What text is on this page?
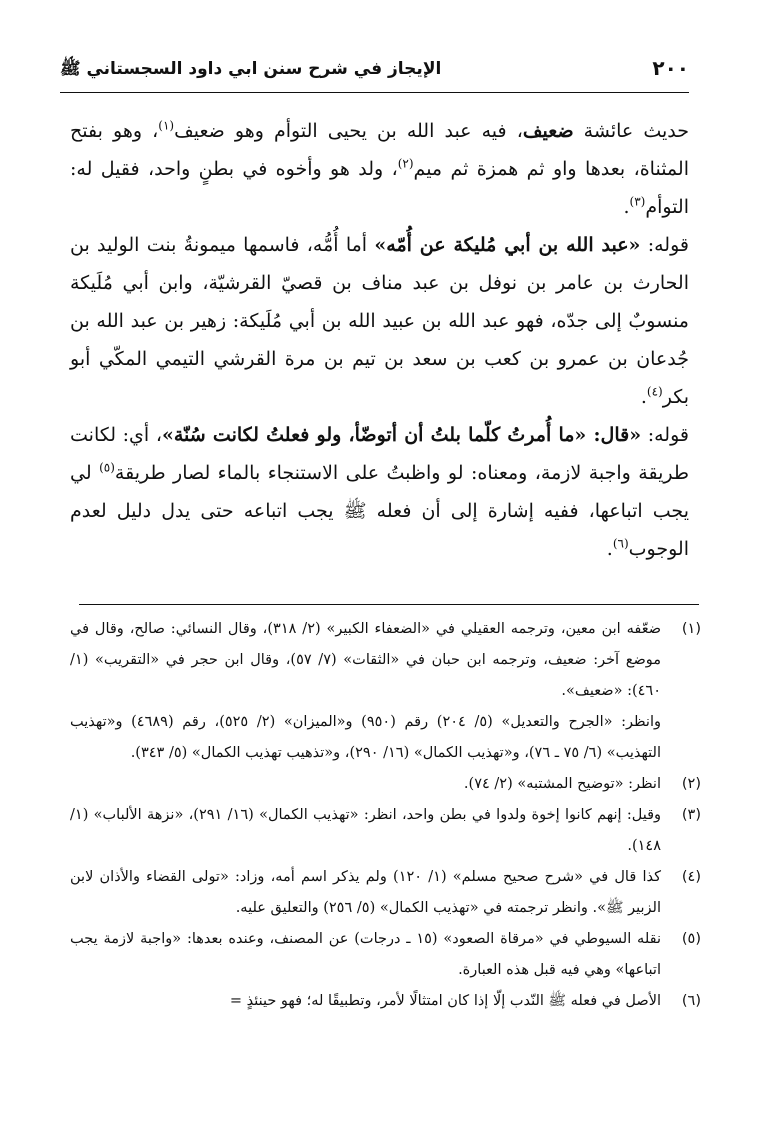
٢٠٠
الإيجاز في شرح سنن ابي داود السجستاني ﷺ

حديث عائشة ضعيف، فيه عبد الله بن يحيى التوأم وهو ضعيف$^{(١)}$، وهو بفتح المثناة، بعدها واو ثم همزة ثم ميم$^{(٢)}$، ولد هو وأخوه في بطنٍ واحد، فقيل له: التوأم$^{(٣)}$.

قوله: «عبد الله بن أبي مُليكة عن أُمّه» أما أُمُّه، فاسمها ميمونةُ بنت الوليد بن الحارث بن عامر بن نوفل بن عبد مناف بن قصيّ القرشيّة، وابن أبي مُلَيكة منسوبٌ إلى جدّه، فهو عبد الله بن عبيد الله بن أبي مُلَيكة: زهير بن عبد الله بن جُدعان بن عمرو بن كعب بن سعد بن تيم بن مرة القرشي التيمي المكّي أبو بكر$^{(٤)}$.

قوله: «قال: «ما أُمرتُ كلّما بلتُ أن أتوضّأ، ولو فعلتُ لكانت سُنّة»، أي: لكانت طريقة واجبة لازمة، ومعناه: لو واظبتُ على الاستنجاء بالماء لصار طريقة$^{(٥)}$ لي يجب اتباعها، ففيه إشارة إلى أن فعله ﷺ يجب اتباعه حتى يدل دليل لعدم الوجوب$^{(٦)}$.

(١)

ضعّفه ابن معين، وترجمه العقيلي في «الضعفاء الكبير» (٢/ ٣١٨)، وقال النسائي: صالح، وقال في موضع آخر: ضعيف، وترجمه ابن حبان في «الثقات» (٧/ ٥٧)، وقال ابن حجر في «التقريب» (١/ ٤٦٠): «ضعيف».

وانظر: «الجرح والتعديل» (٥/ ٢٠٤) رقم (٩٥٠) و«الميزان» (٢/ ٥٢٥)، رقم (٤٦٨٩) و«تهذيب التهذيب» (٦/ ٧٥ ـ ٧٦)، و«تهذيب الكمال» (١٦/ ٢٩٠)، و«تذهيب تهذيب الكمال» (٥/ ٣٤٣).

(٢)

انظر: «توضيح المشتبه» (٢/ ٧٤).

(٣)

وقيل: إنهم كانوا إخوة ولدوا في بطن واحد، انظر: «تهذيب الكمال» (١٦/ ٢٩١)، «نزهة الألباب» (١/ ١٤٨).

(٤)

كذا قال في «شرح صحيح مسلم» (١/ ١٢٠) ولم يذكر اسم أمه، وزاد: «تولى القضاء والأذان لابن الزبير ﷺ». وانظر ترجمته في «تهذيب الكمال» (٥/ ٢٥٦) والتعليق عليه.

(٥)

نقله السيوطي في «مرقاة الصعود» (١٥ ـ درجات) عن المصنف، وعنده بعدها: «واجبة لازمة يجب اتباعها» وهي فيه قبل هذه العبارة.

(٦)

الأصل في فعله ﷺ النّدب إلّا إذا كان امتثالًا لأمر، وتطبيقًا له؛ فهو حينئذٍ =
